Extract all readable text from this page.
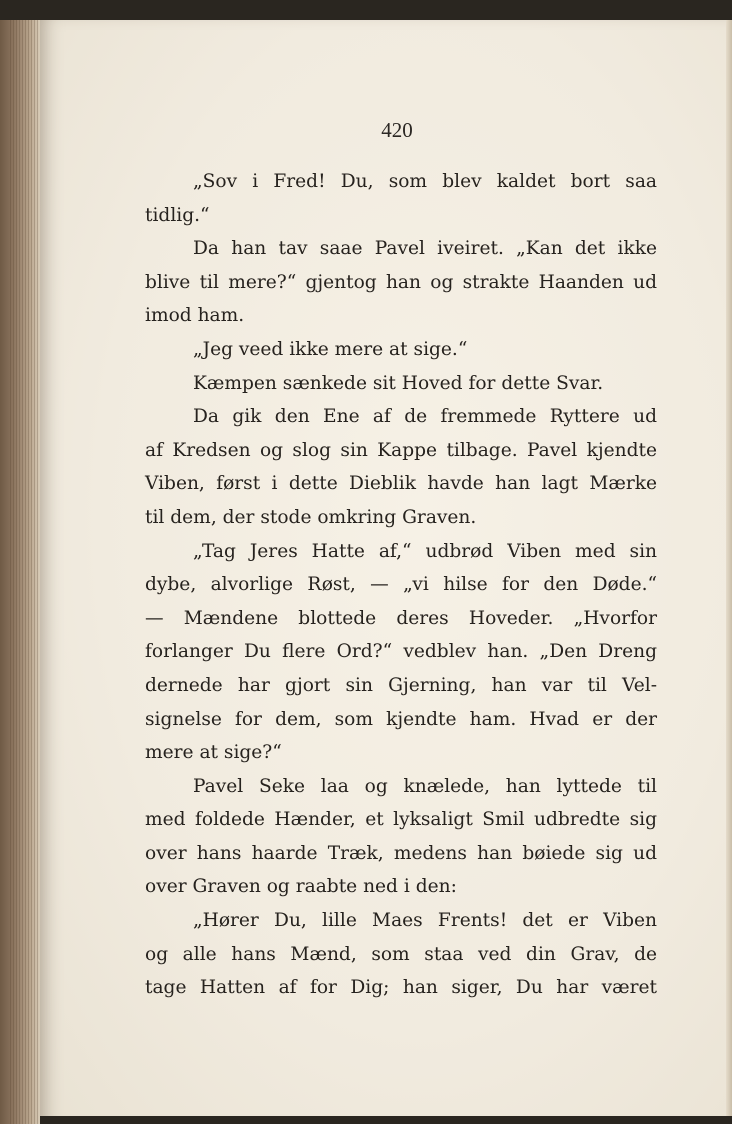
420
„Sov i Fred! Du, som blev kaldet bort saa
tidlig.“
Da han tav saae Pavel iveiret. „Kan det ikke
blive til mere?“ gjentog han og strakte Haanden ud
imod ham.
„Jeg veed ikke mere at sige.“
Kæmpen sænkede sit Hoved for dette Svar.
Da gik den Ene af de fremmede Ryttere ud
af Kredsen og slog sin Kappe tilbage. Pavel kjendte
Viben, først i dette Dieblik havde han lagt Mærke
til dem, der stode omkring Graven.
„Tag Jeres Hatte af,“ udbrød Viben med sin
dybe, alvorlige Røst, — „vi hilse for den Døde.“
— Mændene blottede deres Hoveder. „Hvorfor
forlanger Du flere Ord?“ vedblev han. „Den Dreng
dernede har gjort sin Gjerning, han var til Vel-
signelse for dem, som kjendte ham. Hvad er der
mere at sige?“
Pavel Seke laa og knælede, han lyttede til
med foldede Hænder, et lyksaligt Smil udbredte sig
over hans haarde Træk, medens han bøiede sig ud
over Graven og raabte ned i den:
„Hører Du, lille Maes Frents! det er Viben
og alle hans Mænd, som staa ved din Grav, de
tage Hatten af for Dig; han siger, Du har været
